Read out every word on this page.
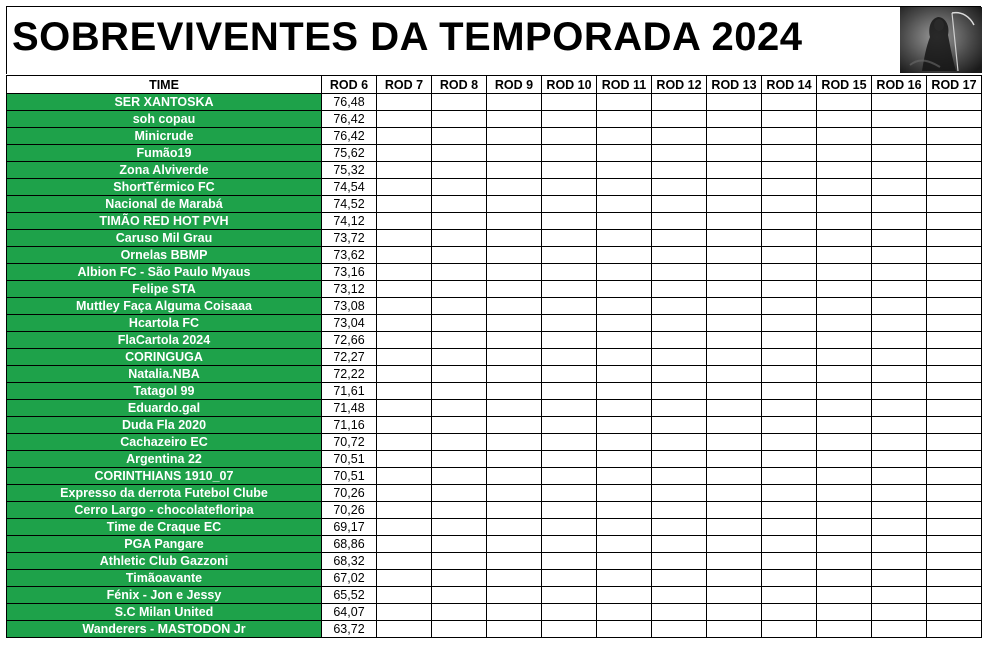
SOBREVIVENTES DA TEMPORADA 2024
TIME	ROD 6	ROD 7	ROD 8	ROD 9	ROD 10	ROD 11	ROD 12	ROD 13	ROD 14	ROD 15	ROD 16	ROD 17
SER XANTOSKA	76,48											
soh copau	76,42											
Minicrude	76,42											
Fumão19	75,62											
Zona Alviverde	75,32											
ShortTérmico FC	74,54											
Nacional de Marabá	74,52											
TIMÃO RED HOT PVH	74,12											
Caruso Mil Grau	73,72											
Ornelas BBMP	73,62											
Albion FC - São Paulo Myaus	73,16											
Felipe STA	73,12											
Muttley Faça Alguma Coisaaa	73,08											
Hcartola FC	73,04											
FlaCartola 2024	72,66											
CORINGUGA	72,27											
Natalia.NBA	72,22											
Tatagol 99	71,61											
Eduardo.gal	71,48											
Duda Fla 2020	71,16											
Cachazeiro EC	70,72											
Argentina 22	70,51											
CORINTHIANS 1910_07	70,51											
Expresso da derrota Futebol Clube	70,26											
Cerro Largo - chocolatefloripa	70,26											
Time de Craque EC	69,17											
PGA Pangare	68,86											
Athletic Club Gazzoni	68,32											
Timãoavante	67,02											
Fénix - Jon e Jessy	65,52											
S.C Milan United	64,07											
Wanderers - MASTODON Jr	63,72											
